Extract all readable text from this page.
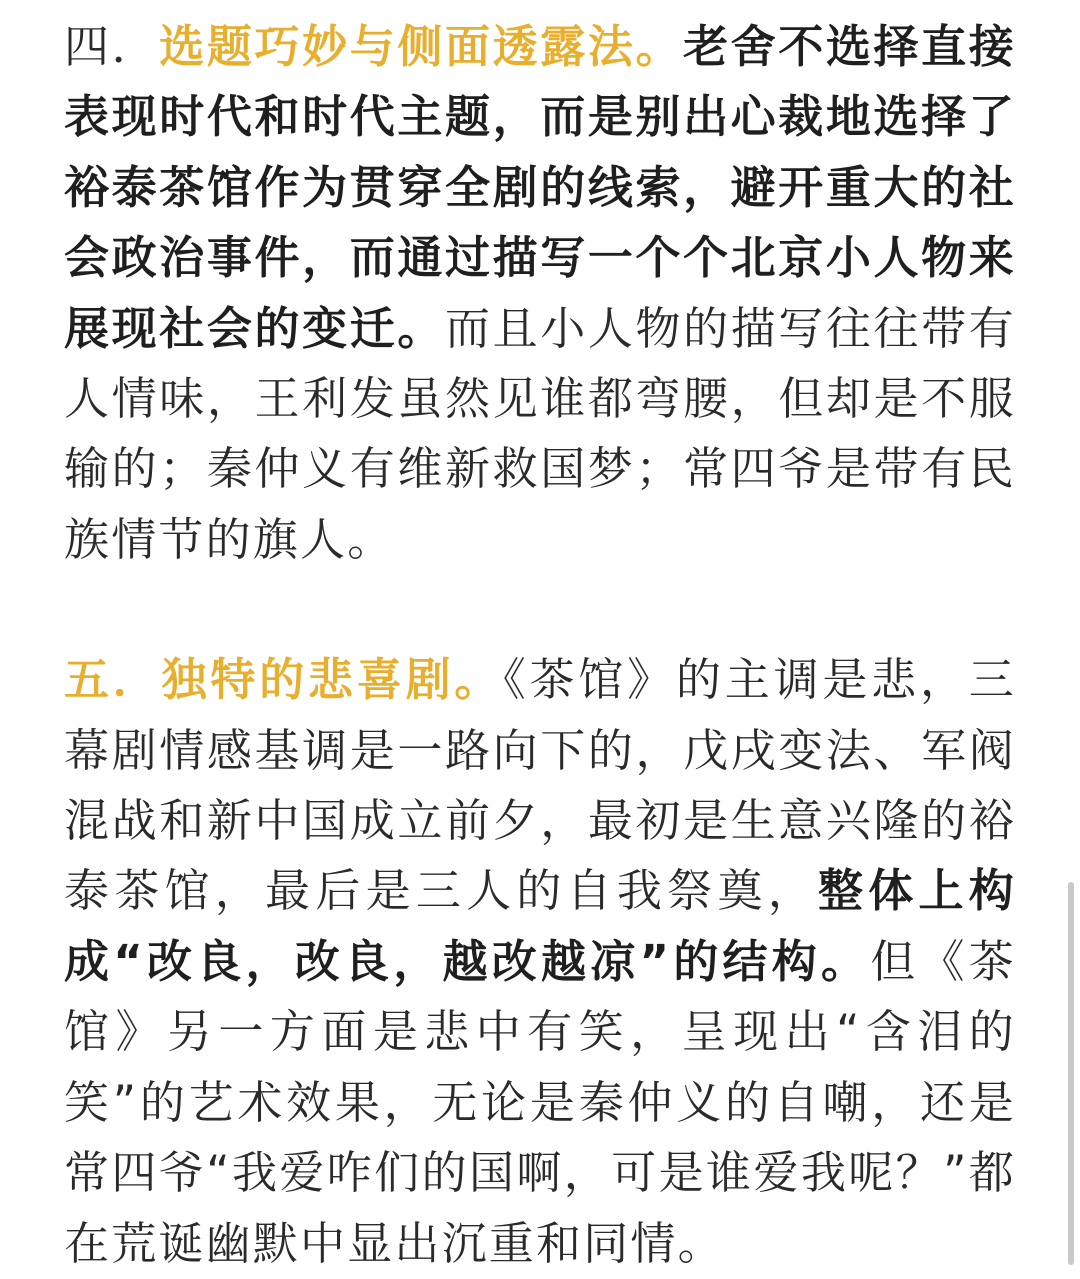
四．选题巧妙与侧面透露法。老舍不选择直接表现时代和时代主题，而是别出心裁地选择了裕泰茶馆作为贯穿全剧的线索，避开重大的社会政治事件，而通过描写一个个北京小人物来展现社会的变迁。而且小人物的描写往往带有人情味，王利发虽然见谁都弯腰，但却是不服输的；秦仲义有维新救国梦；常四爷是带有民族情节的旗人。

五．独特的悲喜剧。《茶馆》的主调是悲，三幕剧情感基调是一路向下的，戊戌变法、军阀混战和新中国成立前夕，最初是生意兴隆的裕泰茶馆，最后是三人的自我祭奠，整体上构成“改良，改良，越改越凉”的结构。但《茶馆》另一方面是悲中有笑，呈现出“含泪的笑”的艺术效果，无论是秦仲义的自嘲，还是常四爷“我爱咋们的国啊，可是谁爱我呢？”都在荒诞幽默中显出沉重和同情。
